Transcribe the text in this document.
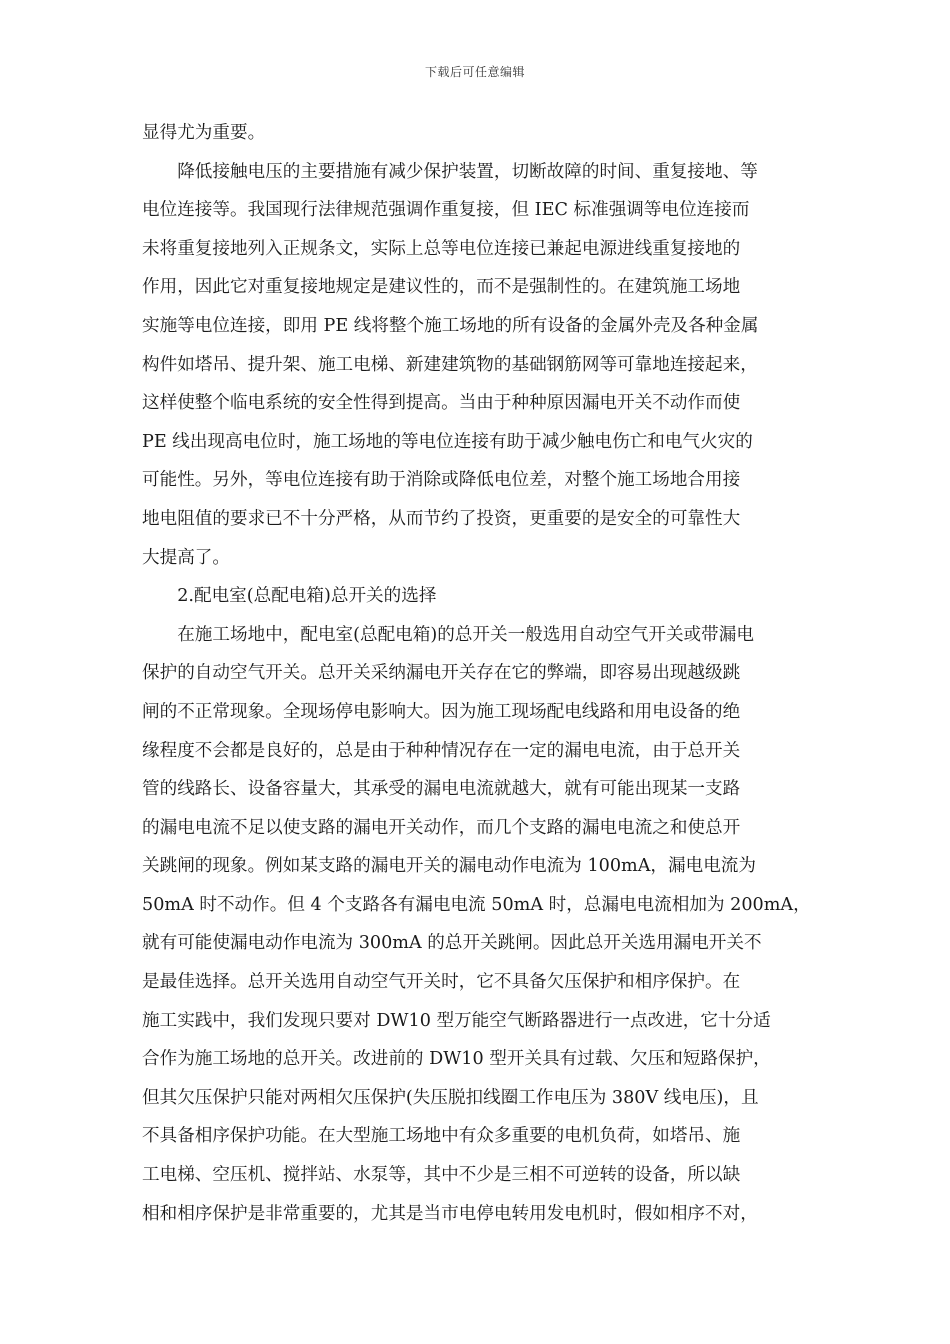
下载后可任意编辑

显得尤为重要。

降低接触电压的主要措施有减少保护装置，切断故障的时间、重复接地、等
电位连接等。我国现行法律规范强调作重复接，但 IEC 标准强调等电位连接而
未将重复接地列入正规条文，实际上总等电位连接已兼起电源进线重复接地的
作用，因此它对重复接地规定是建议性的，而不是强制性的。在建筑施工场地
实施等电位连接，即用 PE 线将整个施工场地的所有设备的金属外壳及各种金属
构件如塔吊、提升架、施工电梯、新建建筑物的基础钢筋网等可靠地连接起来，
这样使整个临电系统的安全性得到提高。当由于种种原因漏电开关不动作而使
PE 线出现高电位时，施工场地的等电位连接有助于减少触电伤亡和电气火灾的
可能性。另外，等电位连接有助于消除或降低电位差，对整个施工场地合用接
地电阻值的要求已不十分严格，从而节约了投资，更重要的是安全的可靠性大
大提高了。

2.配电室(总配电箱)总开关的选择

在施工场地中，配电室(总配电箱)的总开关一般选用自动空气开关或带漏电
保护的自动空气开关。总开关采纳漏电开关存在它的弊端，即容易出现越级跳
闸的不正常现象。全现场停电影响大。因为施工现场配电线路和用电设备的绝
缘程度不会都是良好的，总是由于种种情况存在一定的漏电电流，由于总开关
管的线路长、设备容量大，其承受的漏电电流就越大，就有可能出现某一支路
的漏电电流不足以使支路的漏电开关动作，而几个支路的漏电电流之和使总开
关跳闸的现象。例如某支路的漏电开关的漏电动作电流为 100mA，漏电电流为
50mA 时不动作。但 4 个支路各有漏电电流 50mA 时，总漏电电流相加为 200mA，
就有可能使漏电动作电流为 300mA 的总开关跳闸。因此总开关选用漏电开关不
是最佳选择。总开关选用自动空气开关时，它不具备欠压保护和相序保护。在
施工实践中，我们发现只要对 DW10 型万能空气断路器进行一点改进，它十分适
合作为施工场地的总开关。改进前的 DW10 型开关具有过载、欠压和短路保护，
但其欠压保护只能对两相欠压保护(失压脱扣线圈工作电压为 380V 线电压)，且
不具备相序保护功能。在大型施工场地中有众多重要的电机负荷，如塔吊、施
工电梯、空压机、搅拌站、水泵等，其中不少是三相不可逆转的设备，所以缺
相和相序保护是非常重要的，尤其是当市电停电转用发电机时，假如相序不对，
